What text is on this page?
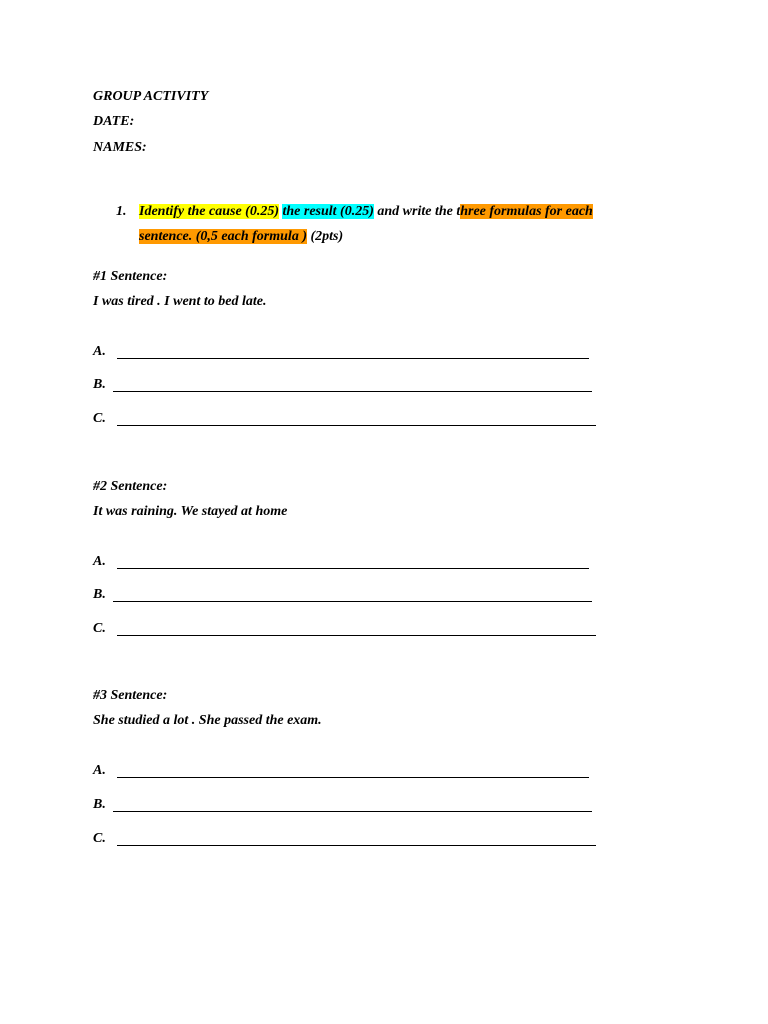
GROUP ACTIVITY
DATE:
NAMES:
1. Identify the cause (0.25) the result (0.25) and write the three formulas for each
sentence. (0,5 each formula ) (2pts)
#1 Sentence:
I was tired . I went to bed late.
A.
B.
C.
#2 Sentence:
It was raining. We stayed at home
A.
B.
C.
#3 Sentence:
She studied a lot . She passed the exam.
A.
B.
C.
